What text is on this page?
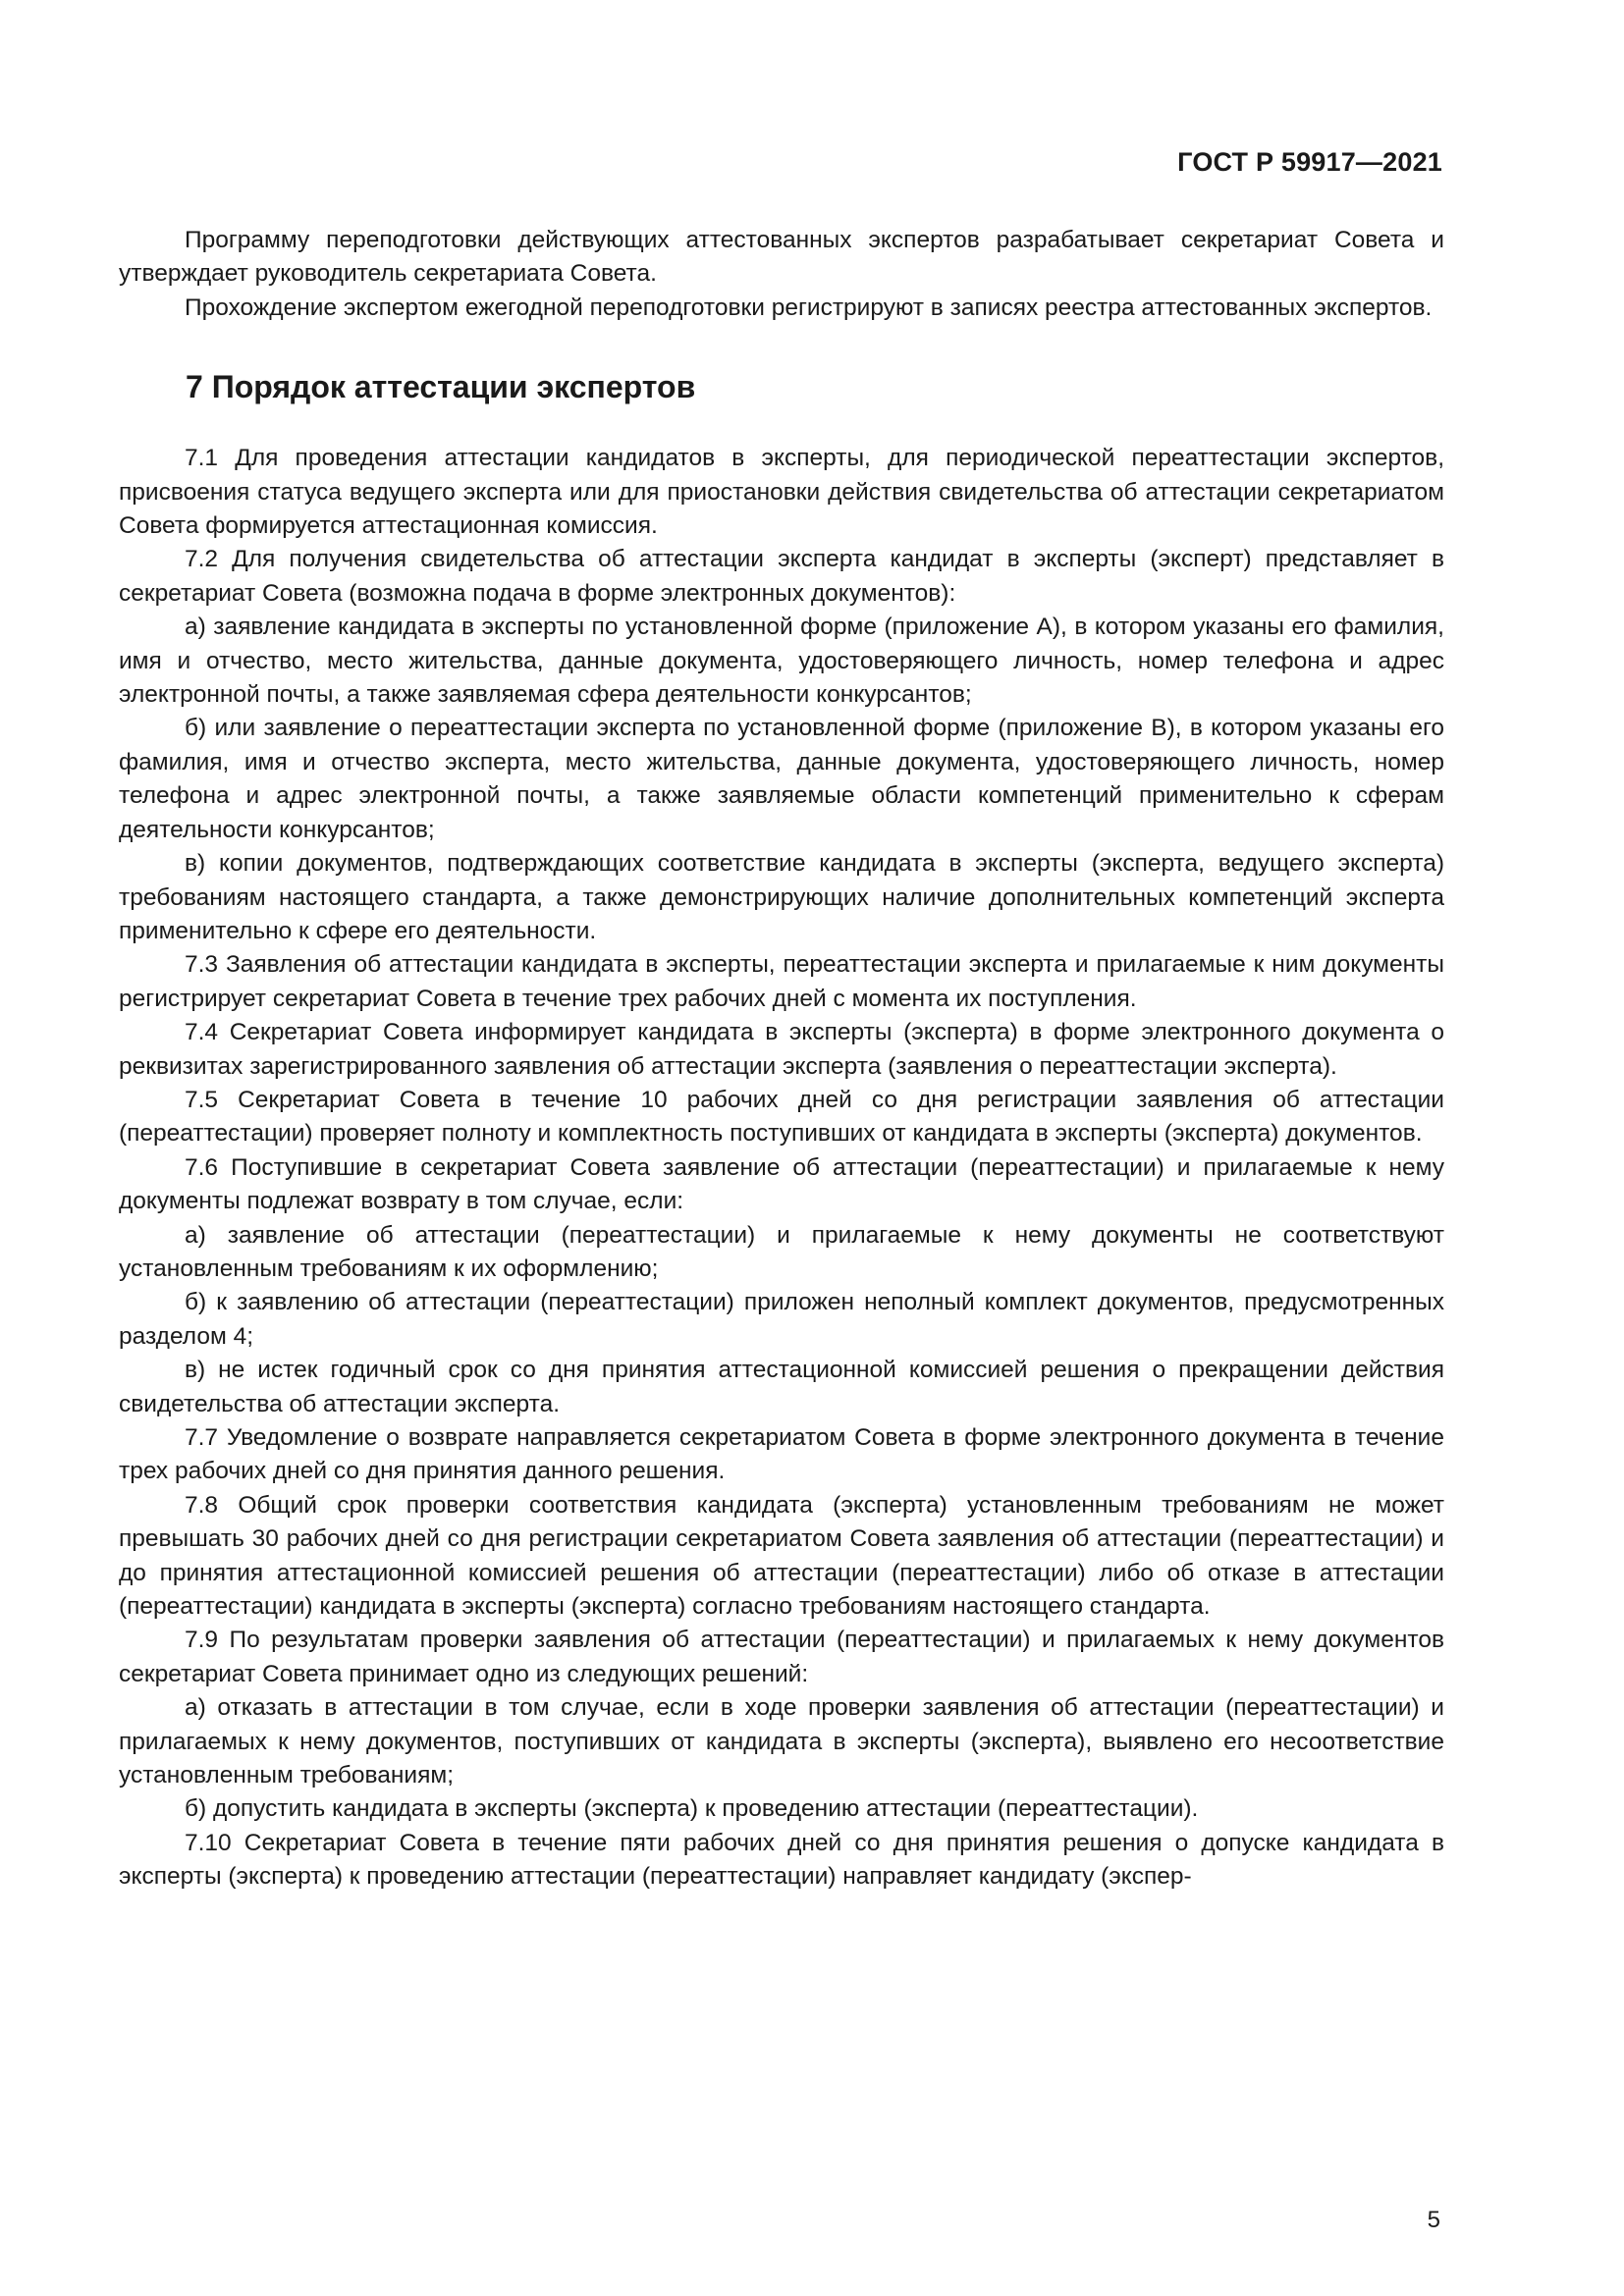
ГОСТ Р 59917—2021

Программу переподготовки действующих аттестованных экспертов разрабатывает секретариат Совета и утверждает руководитель секретариата Совета.

Прохождение экспертом ежегодной переподготовки регистрируют в записях реестра аттестованных экспертов.

7 Порядок аттестации экспертов

7.1 Для проведения аттестации кандидатов в эксперты, для периодической переаттестации экспертов, присвоения статуса ведущего эксперта или для приостановки действия свидетельства об аттестации секретариатом Совета формируется аттестационная комиссия.

7.2 Для получения свидетельства об аттестации эксперта кандидат в эксперты (эксперт) представляет в секретариат Совета (возможна подача в форме электронных документов):

а) заявление кандидата в эксперты по установленной форме (приложение А), в котором указаны его фамилия, имя и отчество, место жительства, данные документа, удостоверяющего личность, номер телефона и адрес электронной почты, а также заявляемая сфера деятельности конкурсантов;

б) или заявление о переаттестации эксперта по установленной форме (приложение В), в котором указаны его фамилия, имя и отчество эксперта, место жительства, данные документа, удостоверяющего личность, номер телефона и адрес электронной почты, а также заявляемые области компетенций применительно к сферам деятельности конкурсантов;

в) копии документов, подтверждающих соответствие кандидата в эксперты (эксперта, ведущего эксперта) требованиям настоящего стандарта, а также демонстрирующих наличие дополнительных компетенций эксперта применительно к сфере его деятельности.

7.3 Заявления об аттестации кандидата в эксперты, переаттестации эксперта и прилагаемые к ним документы регистрирует секретариат Совета в течение трех рабочих дней с момента их поступления.

7.4 Секретариат Совета информирует кандидата в эксперты (эксперта) в форме электронного документа о реквизитах зарегистрированного заявления об аттестации эксперта (заявления о переаттестации эксперта).

7.5 Секретариат Совета в течение 10 рабочих дней со дня регистрации заявления об аттестации (переаттестации) проверяет полноту и комплектность поступивших от кандидата в эксперты (эксперта) документов.

7.6 Поступившие в секретариат Совета заявление об аттестации (переаттестации) и прилагаемые к нему документы подлежат возврату в том случае, если:

а) заявление об аттестации (переаттестации) и прилагаемые к нему документы не соответствуют установленным требованиям к их оформлению;

б) к заявлению об аттестации (переаттестации) приложен неполный комплект документов, предусмотренных разделом 4;

в) не истек годичный срок со дня принятия аттестационной комиссией решения о прекращении действия свидетельства об аттестации эксперта.

7.7 Уведомление о возврате направляется секретариатом Совета в форме электронного документа в течение трех рабочих дней со дня принятия данного решения.

7.8 Общий срок проверки соответствия кандидата (эксперта) установленным требованиям не может превышать 30 рабочих дней со дня регистрации секретариатом Совета заявления об аттестации (переаттестации) и до принятия аттестационной комиссией решения об аттестации (переаттестации) либо об отказе в аттестации (переаттестации) кандидата в эксперты (эксперта) согласно требованиям настоящего стандарта.

7.9 По результатам проверки заявления об аттестации (переаттестации) и прилагаемых к нему документов секретариат Совета принимает одно из следующих решений:

а) отказать в аттестации в том случае, если в ходе проверки заявления об аттестации (переаттестации) и прилагаемых к нему документов, поступивших от кандидата в эксперты (эксперта), выявлено его несоответствие установленным требованиям;

б) допустить кандидата в эксперты (эксперта) к проведению аттестации (переаттестации).

7.10 Секретариат Совета в течение пяти рабочих дней со дня принятия решения о допуске кандидата в эксперты (эксперта) к проведению аттестации (переаттестации) направляет кандидату (экспер-

5
